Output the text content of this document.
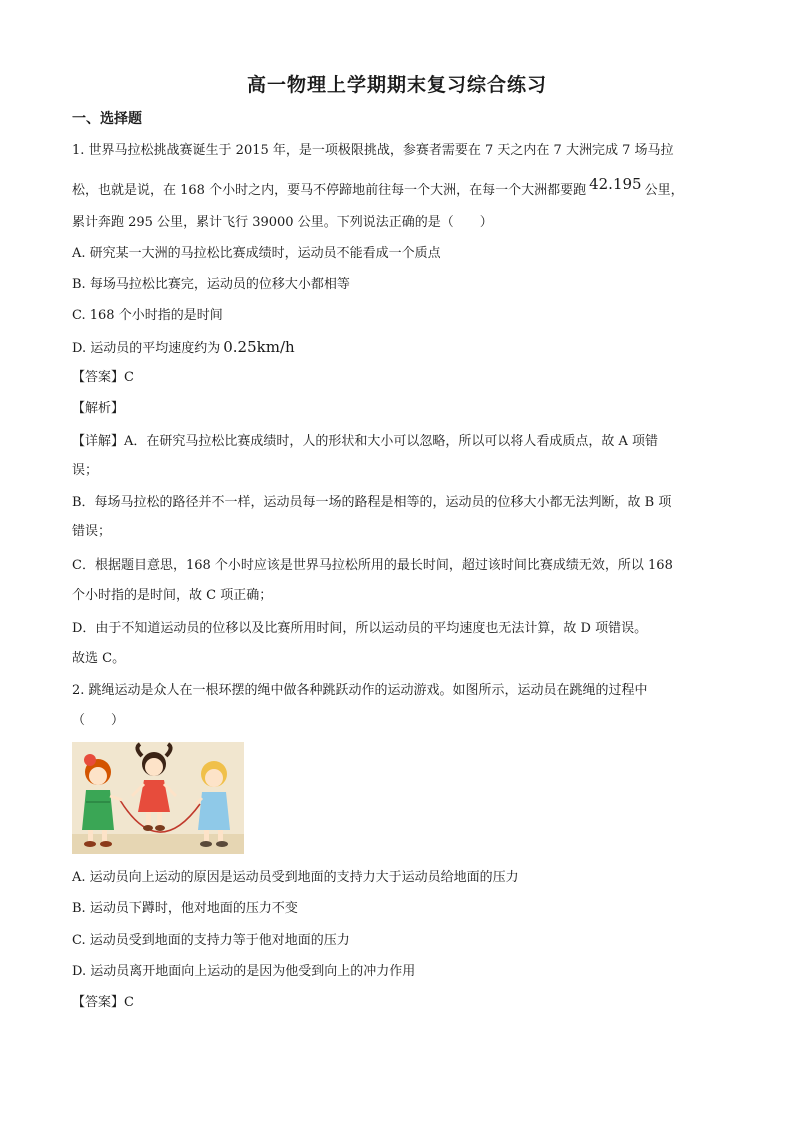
高一物理上学期期末复习综合练习
一、选择题
1. 世界马拉松挑战赛诞生于 2015 年，是一项极限挑战，参赛者需要在 7 天之内在 7 大洲完成 7 场马拉
松，也就是说，在 168 个小时之内，要马不停蹄地前往每一个大洲，在每一个大洲都要跑 42.195 公里，
累计奔跑 295 公里，累计飞行 39000 公里。下列说法正确的是（　　）
A. 研究某一大洲的马拉松比赛成绩时，运动员不能看成一个质点
B. 每场马拉松比赛完，运动员的位移大小都相等
C. 168 个小时指的是时间
D. 运动员的平均速度约为 0.25km/h
【答案】C
【解析】
【详解】A．在研究马拉松比赛成绩时，人的形状和大小可以忽略，所以可以将人看成质点，故 A 项错
误；
B．每场马拉松的路径并不一样，运动员每一场的路程是相等的，运动员的位移大小都无法判断，故 B 项
错误；
C．根据题目意思，168 个小时应该是世界马拉松所用的最长时间，超过该时间比赛成绩无效，所以 168
个小时指的是时间，故 C 项正确；
D．由于不知道运动员的位移以及比赛所用时间，所以运动员的平均速度也无法计算，故 D 项错误。
故选 C。
2. 跳绳运动是众人在一根环摆的绳中做各种跳跃动作的运动游戏。如图所示，运动员在跳绳的过程中
（　　）
A. 运动员向上运动的原因是运动员受到地面的支持力大于运动员给地面的压力
B. 运动员下蹲时，他对地面的压力不变
C. 运动员受到地面的支持力等于他对地面的压力
D. 运动员离开地面向上运动的是因为他受到向上的冲力作用
【答案】C
